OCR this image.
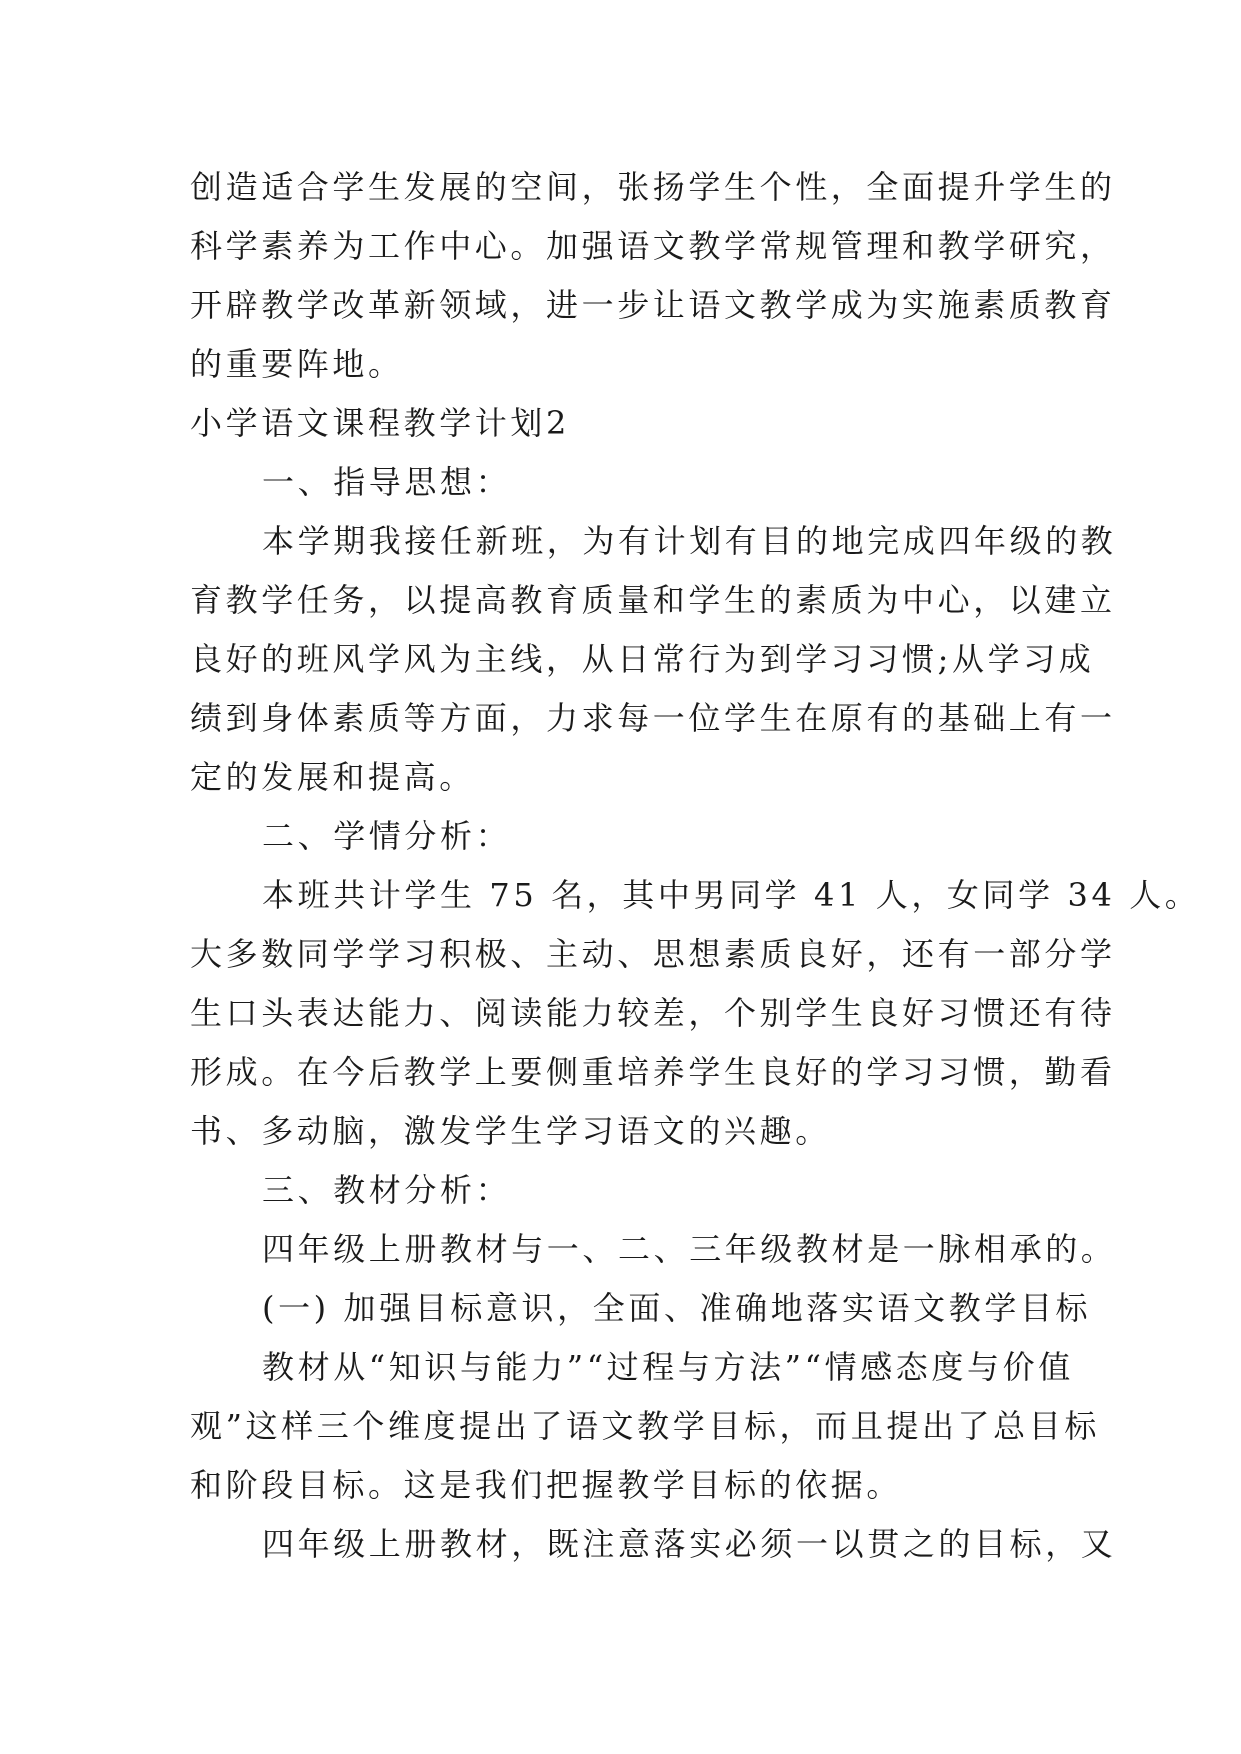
创造适合学生发展的空间，张扬学生个性，全面提升学生的
科学素养为工作中心。加强语文教学常规管理和教学研究，
开辟教学改革新领域，进一步让语文教学成为实施素质教育
的重要阵地。
小学语文课程教学计划2
一、指导思想：
本学期我接任新班，为有计划有目的地完成四年级的教
育教学任务，以提高教育质量和学生的素质为中心，以建立
良好的班风学风为主线，从日常行为到学习习惯;从学习成
绩到身体素质等方面，力求每一位学生在原有的基础上有一
定的发展和提高。
二、学情分析：
本班共计学生 75 名，其中男同学 41 人，女同学 34 人。
大多数同学学习积极、主动、思想素质良好，还有一部分学
生口头表达能力、阅读能力较差，个别学生良好习惯还有待
形成。在今后教学上要侧重培养学生良好的学习习惯，勤看
书、多动脑，激发学生学习语文的兴趣。
三、教材分析：
四年级上册教材与一、二、三年级教材是一脉相承的。
(一) 加强目标意识，全面、准确地落实语文教学目标
教材从“知识与能力”“过程与方法”“情感态度与价值
观”这样三个维度提出了语文教学目标，而且提出了总目标
和阶段目标。这是我们把握教学目标的依据。
四年级上册教材，既注意落实必须一以贯之的目标，又
